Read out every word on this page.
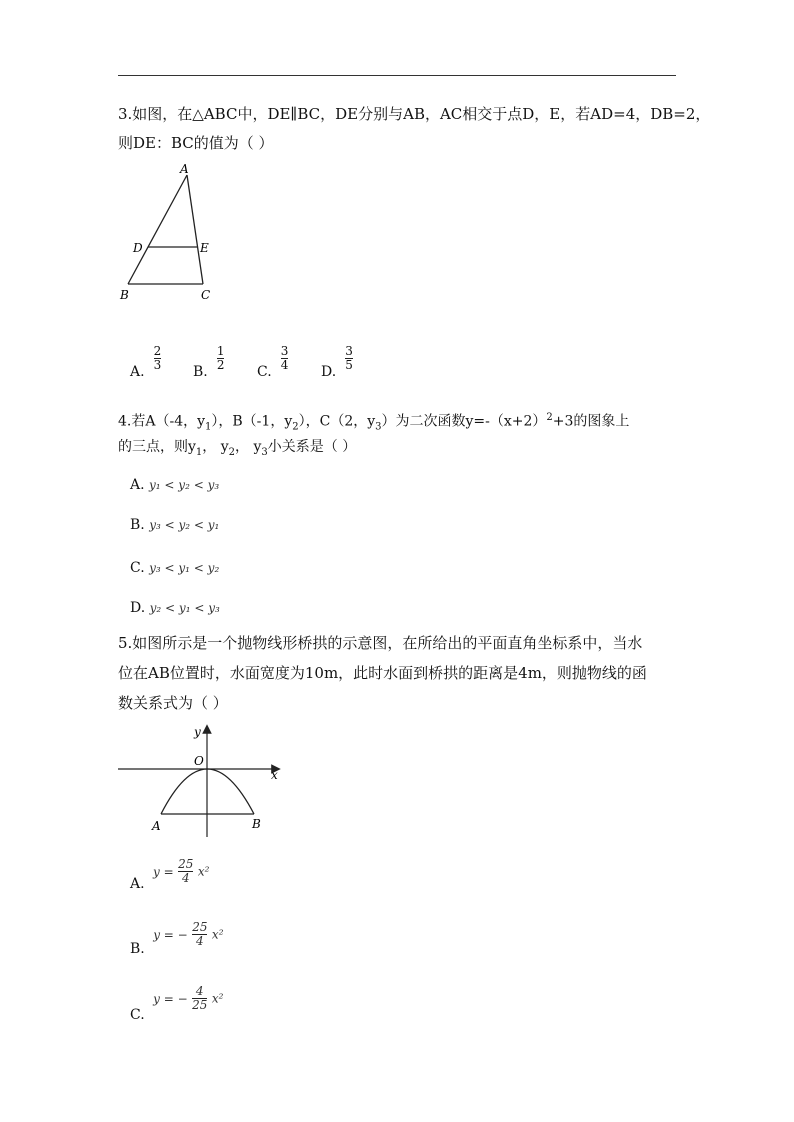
3.如图，在△ABC中，DE∥BC，DE分别与AB，AC相交于点D，E，若AD=4，DB=2，
则DE：BC的值为（ ）
A
D	E
B	C
A. $\frac{2}{3} B$. $\frac{1}{2} C$. $\frac{3}{4} D$. $\frac{3}{5}$
4.若A（-4，$y_1$），B（-1，$y_2$），C（2，$y_3$）为二次函数$y=-(x+2)^2+3$的图象上
的三点，则$y_1$， $y_2$， $y_3$小关系是（ ）
A. y₁ < y₂ < y₃
B. y₃ < y₂ < y₁
C. y₃ < y₁ < y₂
D. y₂ < y₁ < y₃
5.如图所示是一个抛物线形桥拱的示意图，在所给出的平面直角坐标系中，当水
位在AB位置时，水面宽度为10m，此时水面到桥拱的距离是4m，则抛物线的函
数关系式为（ ）
y
x
O
A	B
A. $y = \frac{25}{4} x^2$
B. y = − $\frac{25}{4} x^2$
C. y = − $\frac{4}{25} x^2$
